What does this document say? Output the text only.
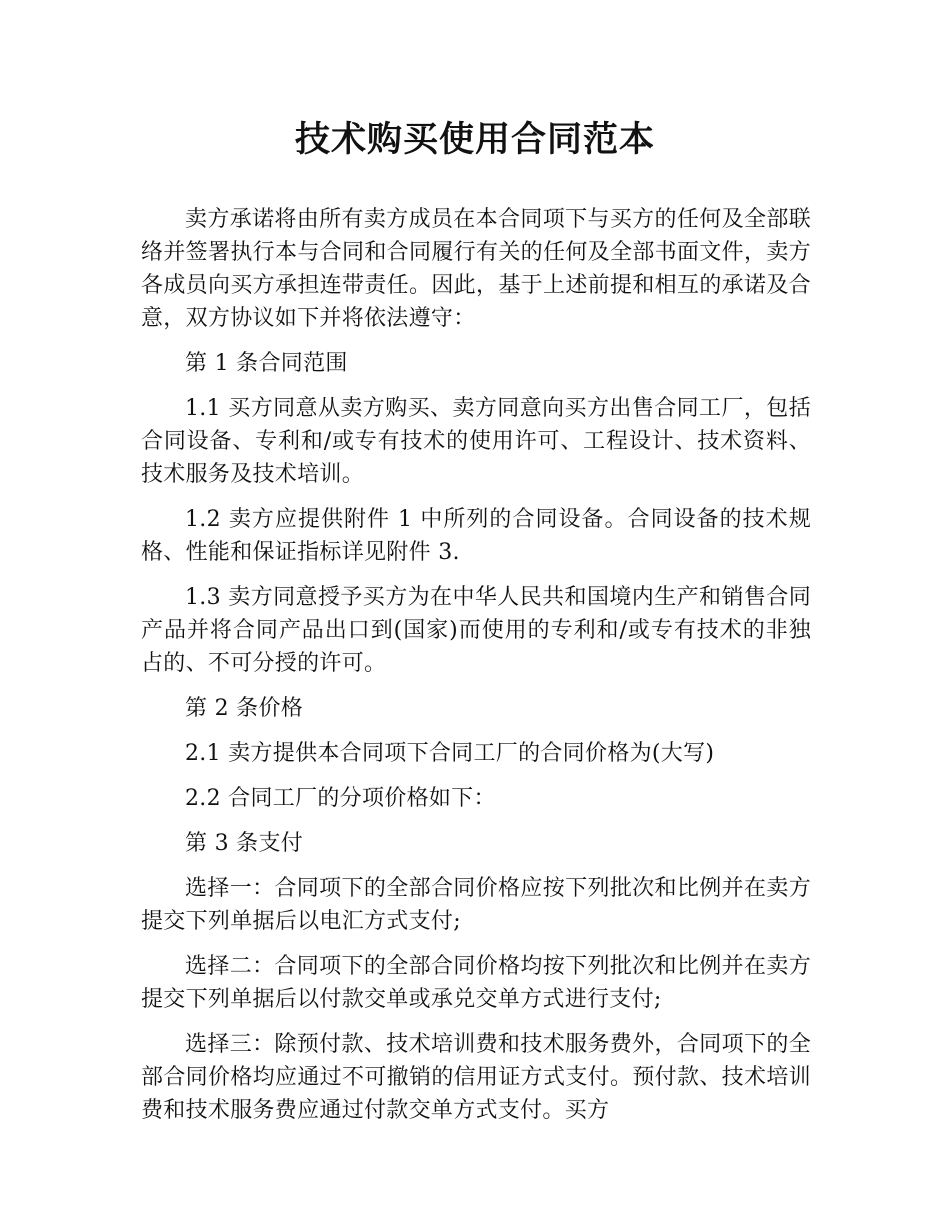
技术购买使用合同范本

卖方承诺将由所有卖方成员在本合同项下与买方的任何及全部联络并签署执行本与合同和合同履行有关的任何及全部书面文件，卖方各成员向买方承担连带责任。因此，基于上述前提和相互的承诺及合意，双方协议如下并将依法遵守：

第 1 条合同范围

1.1 买方同意从卖方购买、卖方同意向买方出售合同工厂，包括合同设备、专利和/或专有技术的使用许可、工程设计、技术资料、技术服务及技术培训。

1.2 卖方应提供附件 1 中所列的合同设备。合同设备的技术规格、性能和保证指标详见附件 3.

1.3 卖方同意授予买方为在中华人民共和国境内生产和销售合同产品并将合同产品出口到(国家)而使用的专利和/或专有技术的非独占的、不可分授的许可。

第 2 条价格

2.1 卖方提供本合同项下合同工厂的合同价格为(大写)

2.2 合同工厂的分项价格如下：

第 3 条支付

选择一：合同项下的全部合同价格应按下列批次和比例并在卖方提交下列单据后以电汇方式支付;

选择二：合同项下的全部合同价格均按下列批次和比例并在卖方提交下列单据后以付款交单或承兑交单方式进行支付;

选择三：除预付款、技术培训费和技术服务费外，合同项下的全部合同价格均应通过不可撤销的信用证方式支付。预付款、技术培训费和技术服务费应通过付款交单方式支付。买方
